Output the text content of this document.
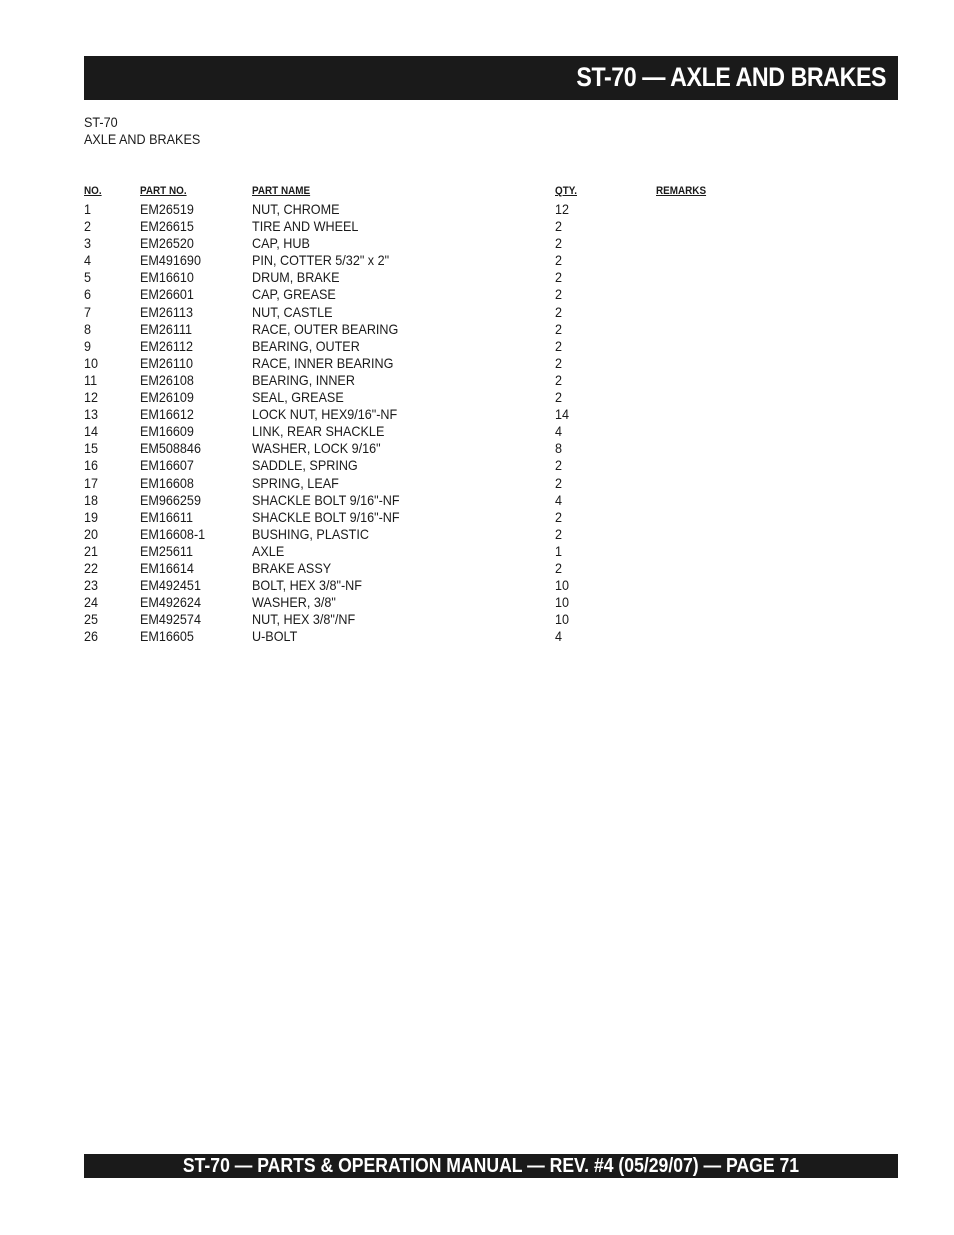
ST-70 — AXLE AND BRAKES
ST-70
AXLE AND BRAKES
NO.	PART NO.	PART NAME	QTY.	REMARKS
1	EM26519	NUT, CHROME	12
2	EM26615	TIRE AND WHEEL	2
3	EM26520	CAP, HUB	2
4	EM491690	PIN, COTTER 5/32" x 2"	2
5	EM16610	DRUM, BRAKE	2
6	EM26601	CAP, GREASE	2
7	EM26113	NUT, CASTLE	2
8	EM26111	RACE, OUTER BEARING	2
9	EM26112	BEARING, OUTER	2
10	EM26110	RACE, INNER BEARING	2
11	EM26108	BEARING, INNER	2
12	EM26109	SEAL, GREASE	2
13	EM16612	LOCK NUT, HEX9/16"-NF	14
14	EM16609	LINK, REAR SHACKLE	4
15	EM508846	WASHER, LOCK 9/16"	8
16	EM16607	SADDLE, SPRING	2
17	EM16608	SPRING, LEAF	2
18	EM966259	SHACKLE BOLT 9/16"-NF	4
19	EM16611	SHACKLE BOLT 9/16"-NF	2
20	EM16608-1	BUSHING, PLASTIC	2
21	EM25611	AXLE	1
22	EM16614	BRAKE ASSY	2
23	EM492451	BOLT, HEX 3/8"-NF	10
24	EM492624	WASHER, 3/8"	10
25	EM492574	NUT, HEX 3/8"/NF	10
26	EM16605	U-BOLT	4
ST-70 — PARTS & OPERATION MANUAL — REV. #4 (05/29/07) — PAGE 71
